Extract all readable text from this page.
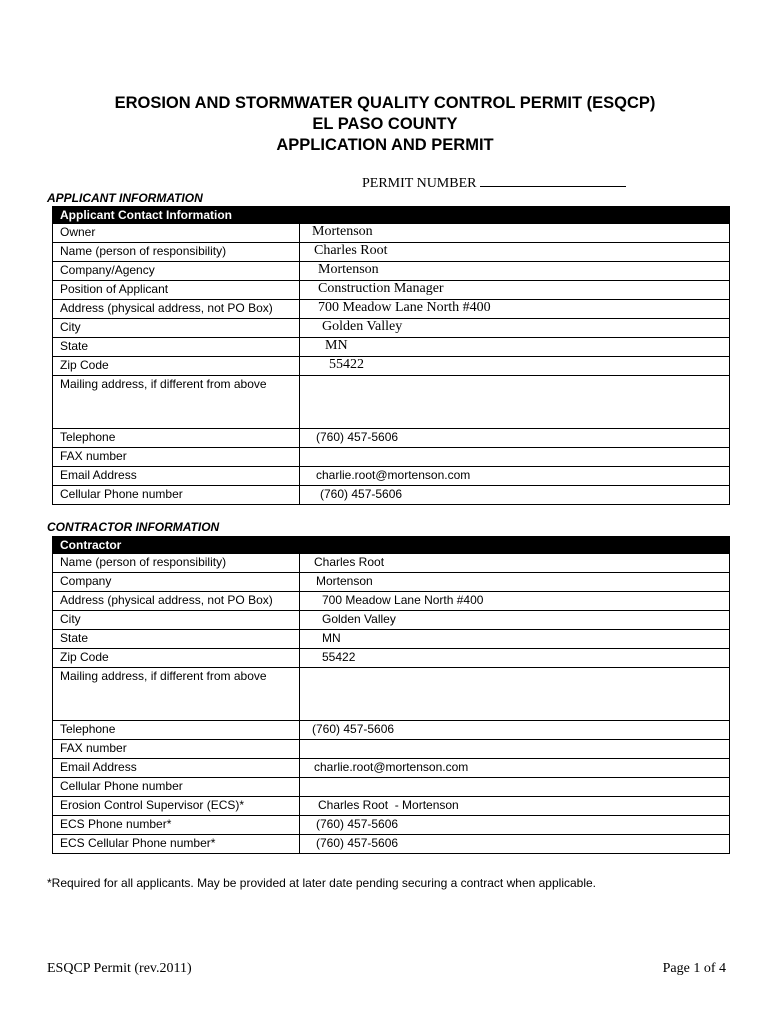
EROSION AND STORMWATER QUALITY CONTROL PERMIT (ESQCP)
EL PASO COUNTY
APPLICATION AND PERMIT
PERMIT NUMBER
APPLICANT INFORMATION
Applicant Contact Information	
Owner	Mortenson
Name (person of responsibility)	Charles Root
Company/Agency	Mortenson
Position of Applicant	Construction Manager
Address (physical address, not PO Box)	700 Meadow Lane North #400
City	Golden Valley
State	MN
Zip Code	55422
Mailing address, if different from above	
Telephone	(760) 457-5606
FAX number	
Email Address	charlie.root@mortenson.com
Cellular Phone number	(760) 457-5606
CONTRACTOR INFORMATION
Contractor	
Name (person of responsibility)	Charles Root
Company	Mortenson
Address (physical address, not PO Box)	700 Meadow Lane North #400
City	Golden Valley
State	MN
Zip Code	55422
Mailing address, if different from above	
Telephone	(760) 457-5606
FAX number	
Email Address	charlie.root@mortenson.com
Cellular Phone number	
Erosion Control Supervisor (ECS)*	Charles Root  - Mortenson
ECS Phone number*	(760) 457-5606
ECS Cellular Phone number*	(760) 457-5606
*Required for all applicants. May be provided at later date pending securing a contract when applicable.
ESQCP Permit (rev.2011)	Page 1 of 4
